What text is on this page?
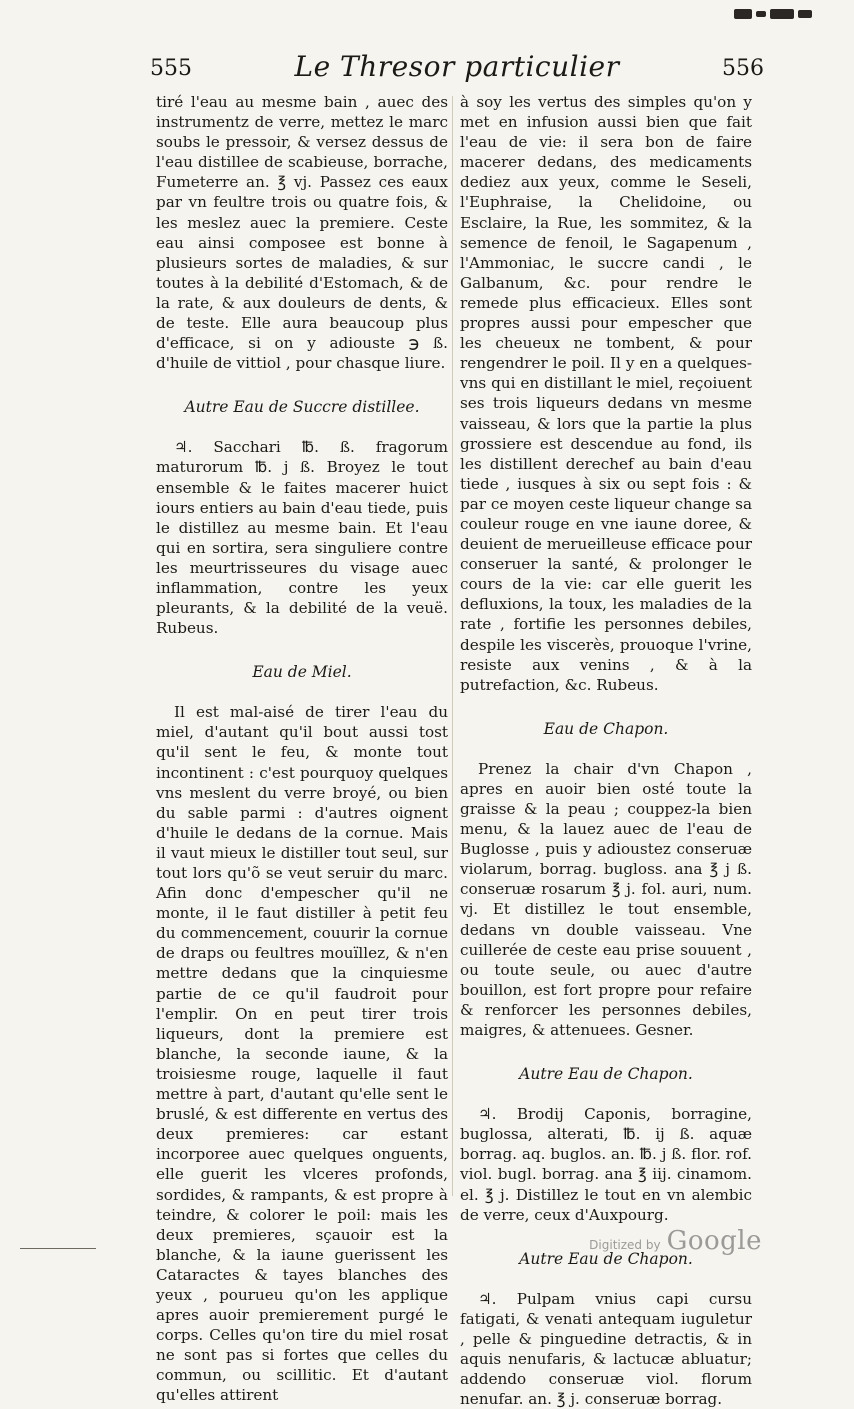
555	Le Thresor particulier	556

tiré l'eau au mesme bain , auec des instrumentz de verre, mettez le marc soubs le pressoir, & versez dessus de l'eau distillee de scabieuse, borrache, Fumeterre an. ℥ vj. Passez ces eaux par vn feultre trois ou quatre fois, & les meslez auec la premiere. Ceste eau ainsi composee est bonne à plusieurs sortes de maladies, & sur toutes à la debilité d'Estomach, & de la rate, & aux douleurs de dents, & de teste. Elle aura beaucoup plus d'efficace, si on y adiouste ℈ ß. d'huile de vittiol , pour chasque liure.

Autre Eau de Succre distillee.

♃. Sacchari ℔. ß. fragorum maturorum ℔. j ß. Broyez le tout ensemble & le faites macerer huict iours entiers au bain d'eau tiede, puis le distillez au mesme bain. Et l'eau qui en sortira, sera singuliere contre les meurtrisseures du visage auec inflammation, contre les yeux pleurants, & la debilité de la veuë. Rubeus.

Eau de Miel.

Il est mal-aisé de tirer l'eau du miel, d'autant qu'il bout aussi tost qu'il sent le feu, & monte tout incontinent : c'est pourquoy quelques vns meslent du verre broyé, ou bien du sable parmi : d'autres oignent d'huile le dedans de la cornue. Mais il vaut mieux le distiller tout seul, sur tout lors qu'õ se veut seruir du marc. Afin donc d'empescher qu'il ne monte, il le faut distiller à petit feu du commencement, couurir la cornue de draps ou feultres mouïllez, & n'en mettre dedans que la cinquiesme partie de ce qu'il faudroit pour l'emplir. On en peut tirer trois liqueurs, dont la premiere est blanche, la seconde iaune, & la troisiesme rouge, laquelle il faut mettre à part, d'autant qu'elle sent le bruslé, & est differente en vertus des deux premieres: car estant incorporee auec quelques onguents, elle guerit les vlceres profonds, sordides, & rampants, & est propre à teindre, & colorer le poil: mais les deux premieres, sçauoir est la blanche, & la iaune guerissent les Cataractes & tayes blanches des yeux , pourueu qu'on les applique apres auoir premierement purgé le corps. Celles qu'on tire du miel rosat ne sont pas si fortes que celles du commun, ou scillitic. Et d'autant qu'elles attirent

à soy les vertus des simples qu'on y met en infusion aussi bien que fait l'eau de vie: il sera bon de faire macerer dedans, des medicaments dediez aux yeux, comme le Seseli, l'Euphraise, la Chelidoine, ou Esclaire, la Rue, les sommitez, & la semence de fenoil, le Sagapenum , l'Ammoniac, le succre candi , le Galbanum, &c. pour rendre le remede plus efficacieux. Elles sont propres aussi pour empescher que les cheueux ne tombent, & pour rengendrer le poil. Il y en a quelques-vns qui en distillant le miel, reçoiuent ses trois liqueurs dedans vn mesme vaisseau, & lors que la partie la plus grossiere est descendue au fond, ils les distillent derechef au bain d'eau tiede , iusques à six ou sept fois : & par ce moyen ceste liqueur change sa couleur rouge en vne iaune doree, & deuient de merueilleuse efficace pour conseruer la santé, & prolonger le cours de la vie: car elle guerit les defluxions, la toux, les maladies de la rate , fortifie les personnes debiles, despile les viscerès, prouoque l'vrine, resiste aux venins , & à la putrefaction, &c. Rubeus.

Eau de Chapon.

Prenez la chair d'vn Chapon , apres en auoir bien osté toute la graisse & la peau ; couppez-la bien menu, & la lauez auec de l'eau de Buglosse , puis y adioustez conseruæ violarum, borrag. bugloss. ana ℥ j ß. conseruæ rosarum ℥ j. fol. auri, num. vj. Et distillez le tout ensemble, dedans vn double vaisseau. Vne cuillerée de ceste eau prise souuent , ou toute seule, ou auec d'autre bouillon, est fort propre pour refaire & renforcer les personnes debiles, maigres, & attenuees. Gesner.

Autre Eau de Chapon.

♃. Brodij Caponis, borragine, buglossa, alterati, ℔. ij ß. aquæ borrag. aq. buglos. an. ℔. j ß. flor. rof. viol. bugl. borrag. ana ℥ iij. cinamom. el. ℥ j. Distillez le tout en vn alembic de verre, ceux d'Auxpourg.

Autre Eau de Chapon.

♃. Pulpam vnius capi cursu fatigati, & venati antequam iuguletur , pelle & pinguedine detractis, & in aquis nenufaris, & lactucæ abluatur; addendo conseruæ viol. florum nenufar. an. ℥ j. conseruæ borrag.

Digitized by Google
